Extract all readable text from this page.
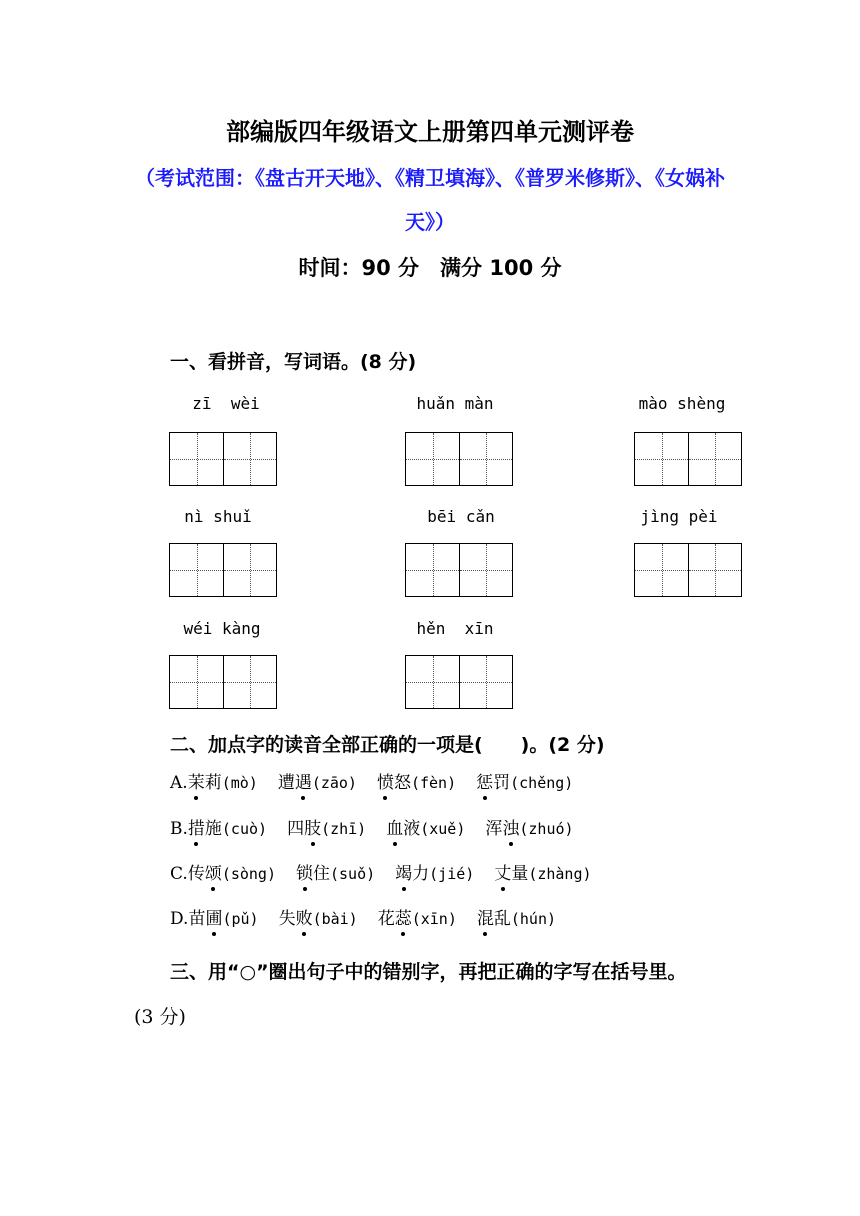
部编版四年级语文上册第四单元测评卷
（考试范围：《盘古开天地》、《精卫填海》、《普罗米修斯》、《女娲补天》）
时间：90 分　满分 100 分
一、看拼音，写词语。(8 分)
zī  wèi	huǎn màn	mào shèng
nì shuǐ	bēi cǎn	jìng pèi
wéi kàng	hěn  xīn
二、加点字的读音全部正确的一项是(　　)。(2 分)
A.茉莉(mò) 遭遇(zāo) 愤怒(fèn) 惩罚(chěng)
B.措施(cuò) 四肢(zhī) 血液(xuě) 浑浊(zhuó)
C.传颂(sòng) 锁住(suǒ) 竭力(jié) 丈量(zhàng)
D.苗圃(pǔ) 失败(bài) 花蕊(xīn) 混乱(hún)
三、用“○”圈出句子中的错别字，再把正确的字写在括号里。
(3 分)
